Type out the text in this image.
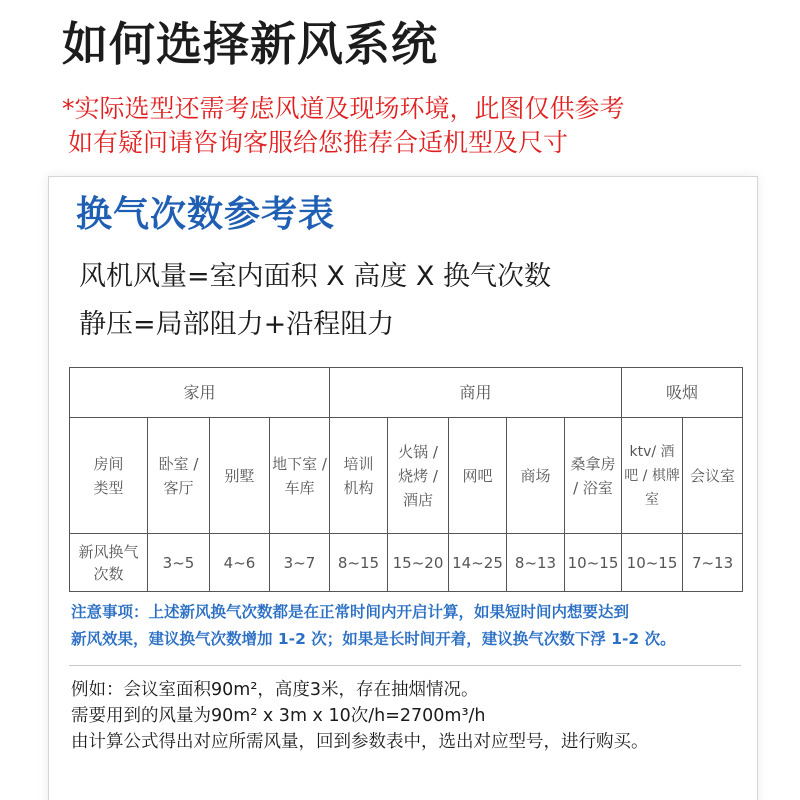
如何选择新风系统
*实际选型还需考虑风道及现场环境，此图仅供参考
如有疑问请咨询客服给您推荐合适机型及尺寸
换气次数参考表
风机风量=室内面积 X 高度 X 换气次数
静压=局部阻力+沿程阻力
家用				商用					吸烟	
房间类型	卧室 / 客厅	别墅	地下室 / 车库	培训机构	火锅 / 烧烤 / 酒店	网吧	商场	桑拿房 / 浴室	ktv/ 酒吧 / 棋牌室	会议室
新风换气次数	3~5	4~6	3~7	8~15	15~20	14~25	8~13	10~15	10~15	7~13
注意事项：上述新风换气次数都是在正常时间内开启计算，如果短时间内想要达到
新风效果，建议换气次数增加 1-2 次；如果是长时间开着，建议换气次数下浮 1-2 次。
例如：会议室面积90m²，高度3米，存在抽烟情况。
需要用到的风量为90m² x 3m x 10次/h=2700m³/h
由计算公式得出对应所需风量，回到参数表中，选出对应型号，进行购买。
